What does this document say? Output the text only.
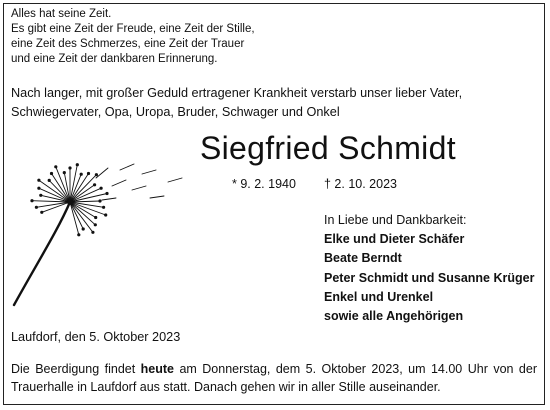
Alles hat seine Zeit.
Es gibt eine Zeit der Freude, eine Zeit der Stille,
eine Zeit des Schmerzes, eine Zeit der Trauer
und eine Zeit der dankbaren Erinnerung.
Nach langer, mit großer Geduld ertragener Krankheit verstarb unser lieber Vater, Schwiegervater, Opa, Uropa, Bruder, Schwager und Onkel
Siegfried Schmidt
* 9. 2. 1940 † 2. 10. 2023
In Liebe und Dankbarkeit:
Elke und Dieter Schäfer
Beate Berndt
Peter Schmidt und Susanne Krüger
Enkel und Urenkel
sowie alle Angehörigen
Laufdorf, den 5. Oktober 2023
Die Beerdigung findet heute am Donnerstag, dem 5. Oktober 2023, um 14.00 Uhr von der Trauerhalle in Laufdorf aus statt. Danach gehen wir in aller Stille auseinander.
